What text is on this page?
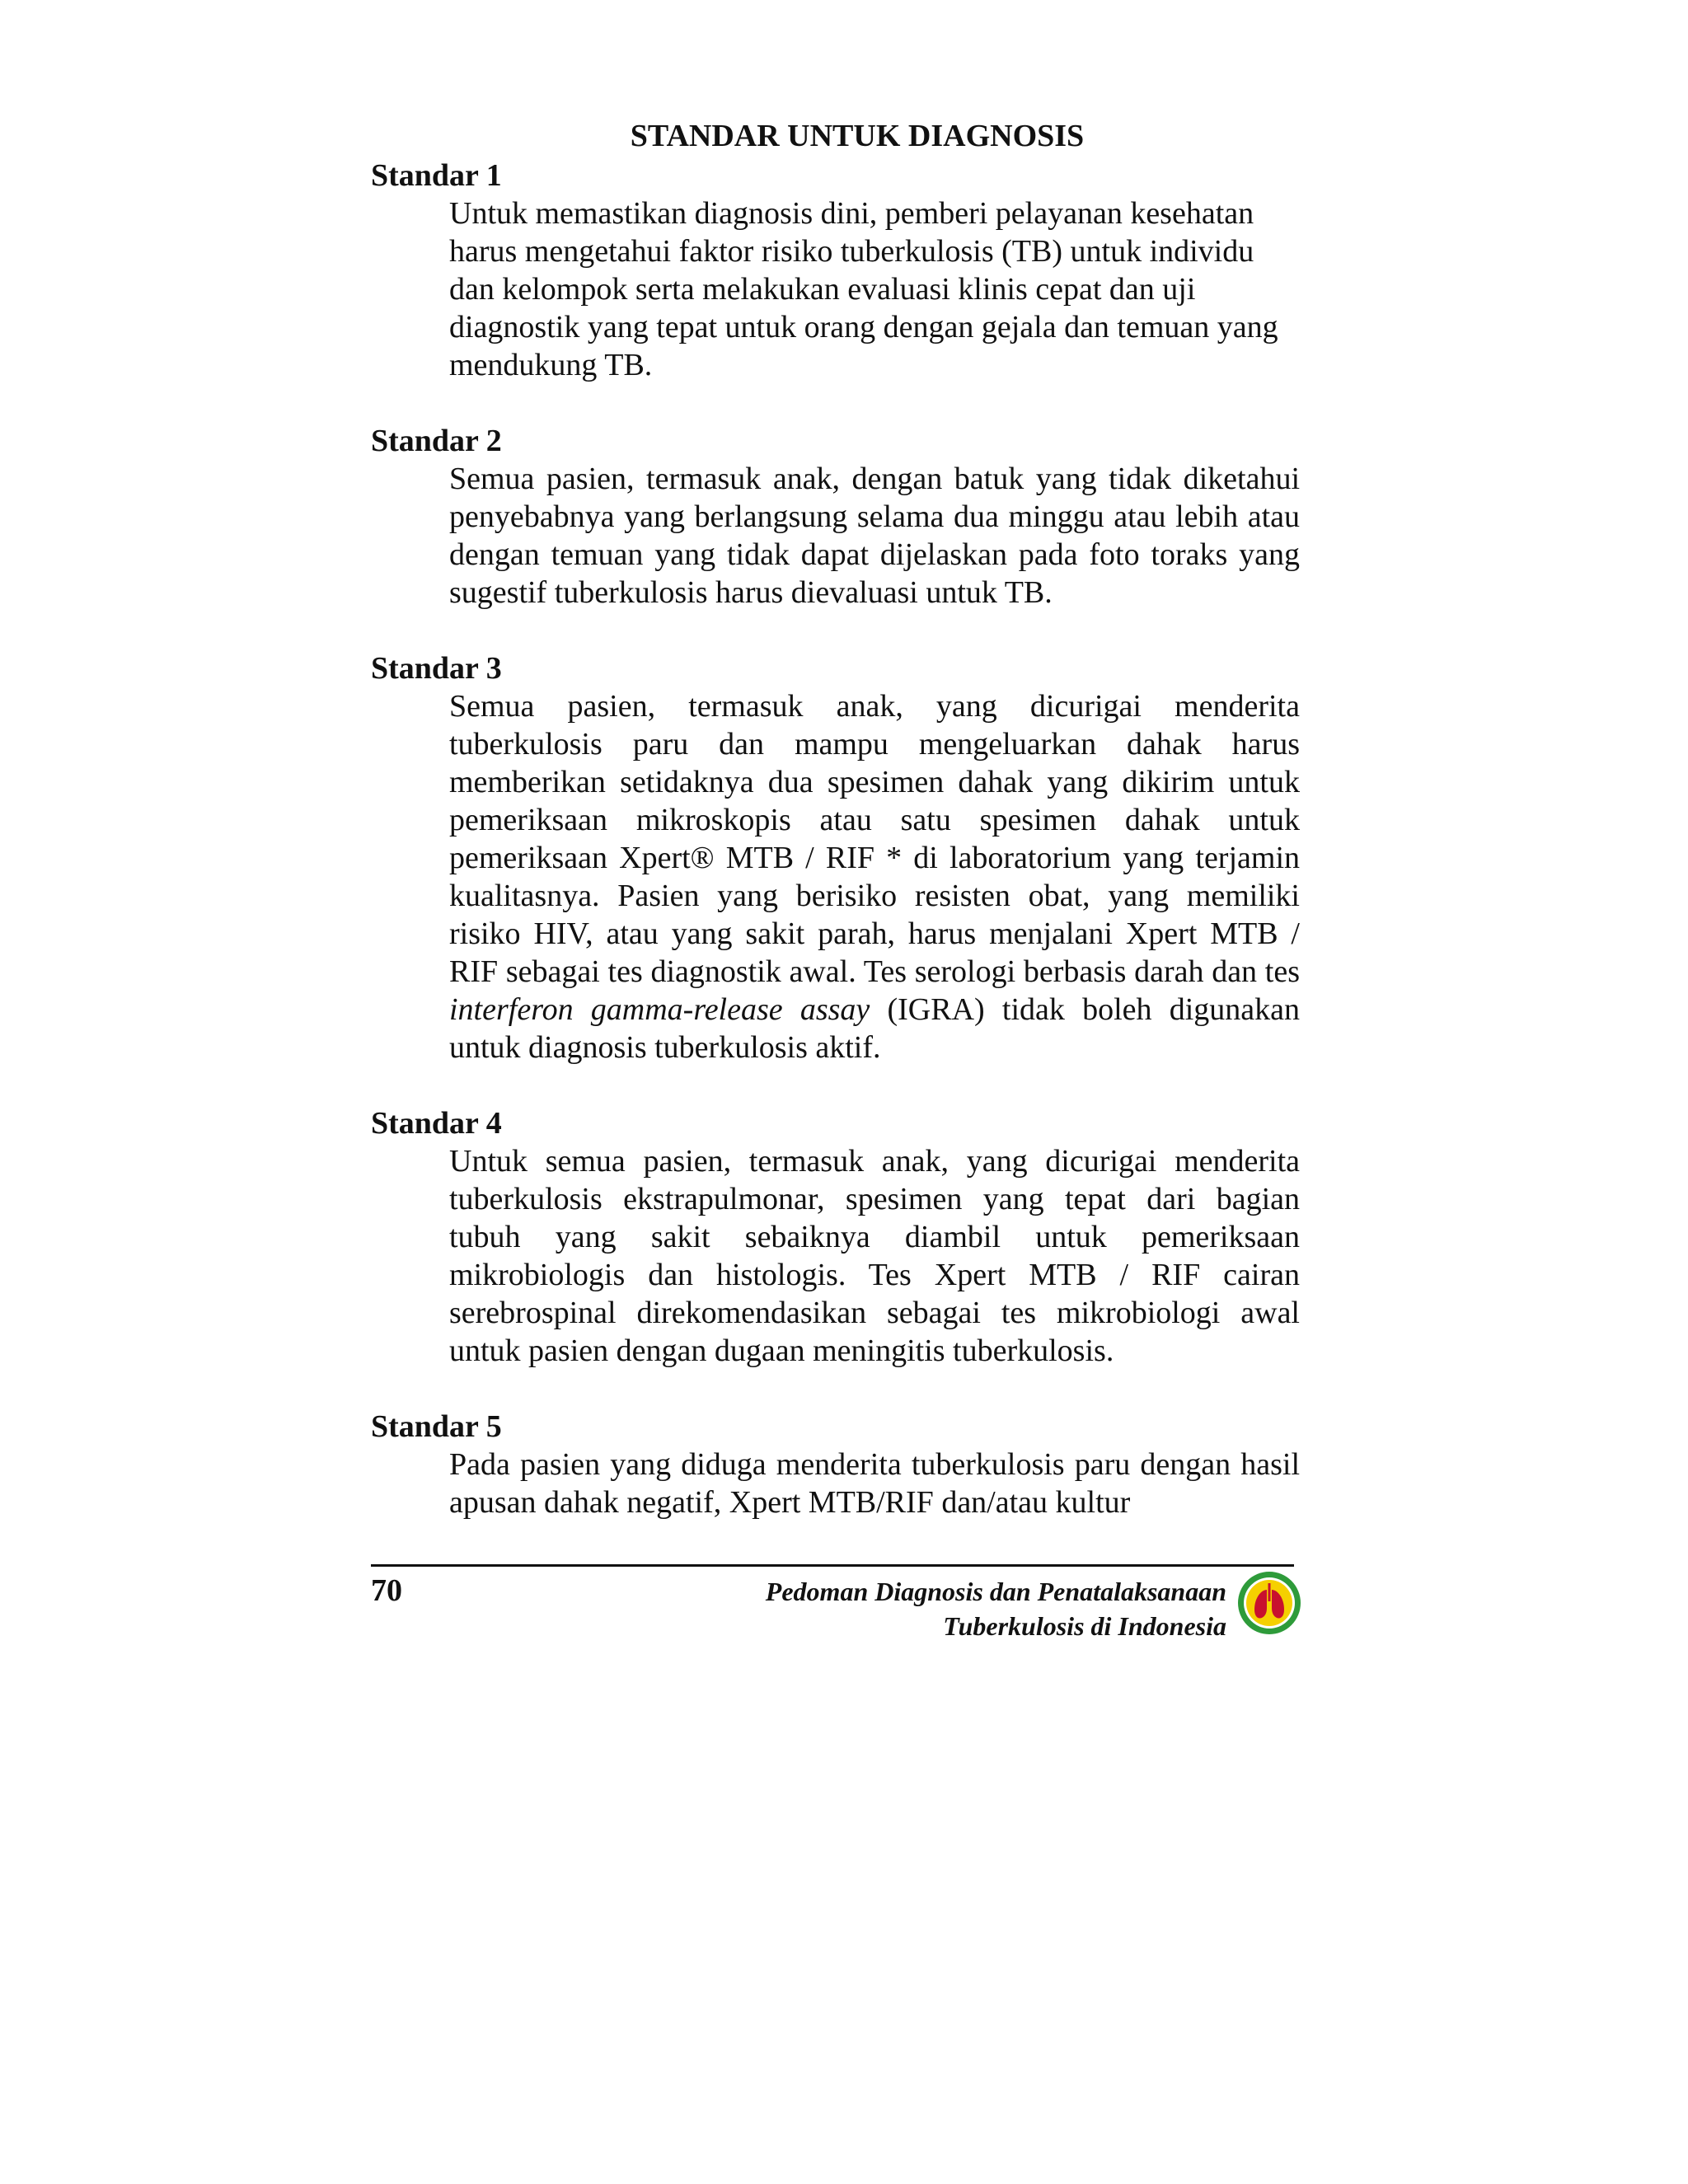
STANDAR UNTUK DIAGNOSIS

Standar 1

Untuk memastikan diagnosis dini, pemberi pelayanan kesehatan harus mengetahui faktor risiko tuberkulosis (TB) untuk individu dan kelompok serta melakukan evaluasi klinis cepat dan uji diagnostik yang tepat untuk orang dengan gejala dan temuan yang mendukung TB.

Standar 2

Semua pasien, termasuk anak, dengan batuk yang tidak diketahui penyebabnya yang berlangsung selama dua minggu atau lebih atau dengan temuan yang tidak dapat dijelaskan pada foto toraks yang sugestif tuberkulosis harus dievaluasi untuk TB.

Standar 3

Semua pasien, termasuk anak, yang dicurigai menderita tuberkulosis paru dan mampu mengeluarkan dahak harus memberikan setidaknya dua spesimen dahak yang dikirim untuk pemeriksaan mikroskopis atau satu spesimen dahak untuk pemeriksaan Xpert® MTB / RIF * di laboratorium yang terjamin kualitasnya. Pasien yang berisiko resisten obat, yang memiliki risiko HIV, atau yang sakit parah, harus menjalani Xpert MTB / RIF sebagai tes diagnostik awal. Tes serologi berbasis darah dan tes interferon gamma-release assay (IGRA) tidak boleh digunakan untuk diagnosis tuberkulosis aktif.

Standar 4

Untuk semua pasien, termasuk anak, yang dicurigai menderita tuberkulosis ekstrapulmonar, spesimen yang tepat dari bagian tubuh yang sakit sebaiknya diambil untuk pemeriksaan mikrobiologis dan histologis. Tes Xpert MTB / RIF cairan serebrospinal direkomendasikan sebagai tes mikrobiologi awal untuk pasien dengan dugaan meningitis tuberkulosis.

Standar 5

Pada pasien yang diduga menderita tuberkulosis paru dengan hasil apusan dahak negatif, Xpert MTB/RIF dan/atau kultur

70	Pedoman Diagnosis dan Penatalaksanaan
Tuberkulosis di Indonesia
